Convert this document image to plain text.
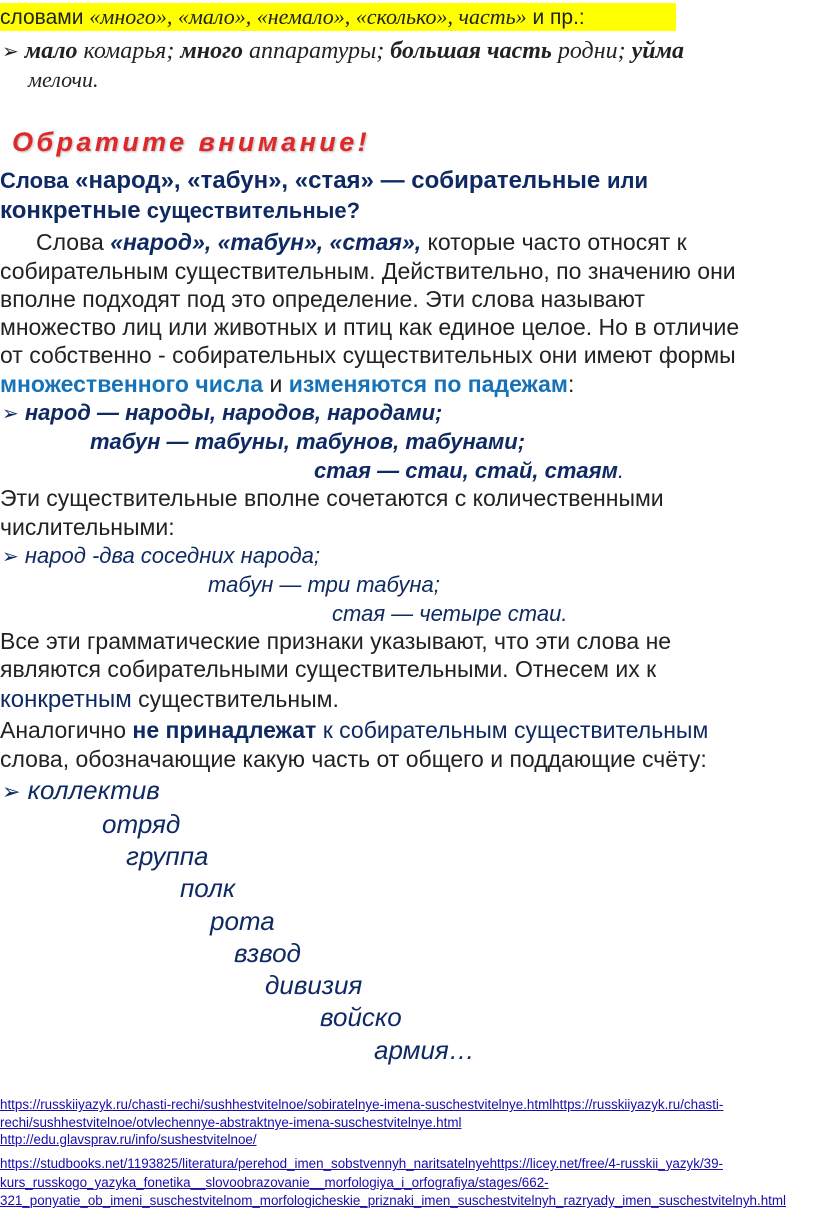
словами «много», «мало», «немало», «сколько», часть» и пр.:
➢ мало комарья; много аппаратуры; большая часть родни; уйма
мелочи.
Обратите внимание!
Слова «народ», «табун», «стая» — собирательные или
конкретные существительные?
Слова «народ», «табун», «стая», которые часто относят к
собирательным существительным. Действительно, по значению они
вполне подходят под это определение. Эти слова называют
множество лиц или животных и птиц как единое целое. Но в отличие
от собственно - собирательных существительных они имеют формы
множественного числа и изменяются по падежам:
➢ народ — народы, народов, народами;
табун — табуны, табунов, табунами;
стая — стаи, стай, стаям.
Эти существительные вполне сочетаются с количественными
числительными:
➢ народ -два соседних народа;
табун — три табуна;
стая — четыре стаи.
Все эти грамматические признаки указывают, что эти слова не
являются собирательными существительными. Отнесем их к
конкретным существительным.
Аналогично не принадлежат к собирательным существительным
слова, обозначающие какую часть от общего и поддающие счёту:
➢ коллектив
отряд
группа
полк
рота
взвод
дивизия
войско
армия…
https://russkiiyazyk.ru/chasti-rechi/sushhestvitelnoe/sobiratelnye-imena-suschestvitelnye.htmlhttps://russkiiyazyk.ru/chasti-
rechi/sushhestvitelnoe/otvlechennye-abstraktnye-imena-suschestvitelnye.html
http://edu.glavsprav.ru/info/sushestvitelnoe/
https://studbooks.net/1193825/literatura/perehod_imen_sobstvennyh_naritsatelnyehttps://licey.net/free/4-russkii_yazyk/39-
kurs_russkogo_yazyka_fonetika__slovoobrazovanie__morfologiya_i_orfografiya/stages/662-
321_ponyatie_ob_imeni_suschestvitelnom_morfologicheskie_priznaki_imen_suschestvitelnyh_razryady_imen_suschestvitelnyh.html
